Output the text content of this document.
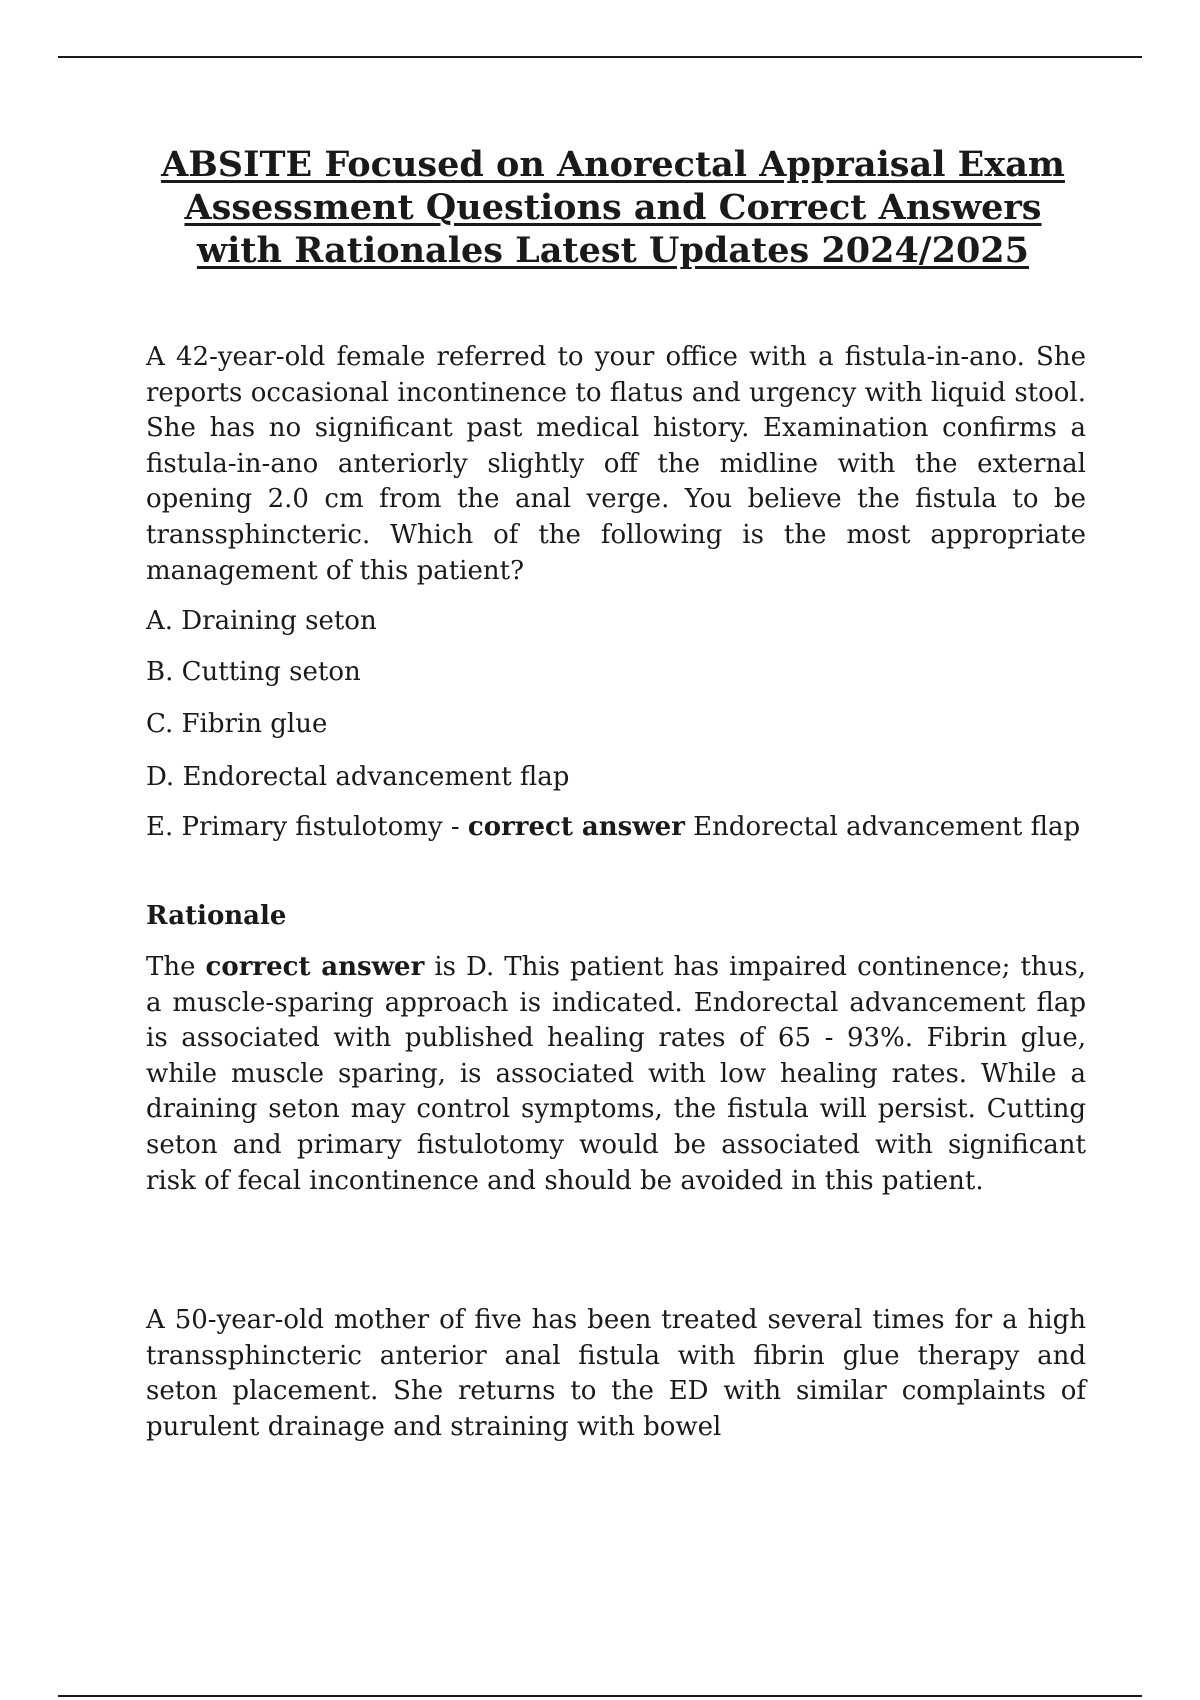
ABSITE Focused on Anorectal Appraisal Exam Assessment Questions and Correct Answers with Rationales Latest Updates 2024/2025

A 42-year-old female referred to your office with a fistula-in-ano. She reports occasional incontinence to flatus and urgency with liquid stool. She has no significant past medical history. Examination confirms a fistula-in-ano anteriorly slightly off the midline with the external opening 2.0 cm from the anal verge. You believe the fistula to be transsphincteric. Which of the following is the most appropriate management of this patient?

A. Draining seton

B. Cutting seton

C. Fibrin glue

D. Endorectal advancement flap

E. Primary fistulotomy - correct answer Endorectal advancement flap

Rationale

The correct answer is D. This patient has impaired continence; thus, a muscle-sparing approach is indicated. Endorectal advancement flap is associated with published healing rates of 65 - 93%. Fibrin glue, while muscle sparing, is associated with low healing rates. While a draining seton may control symptoms, the fistula will persist. Cutting seton and primary fistulotomy would be associated with significant risk of fecal incontinence and should be avoided in this patient.

A 50-year-old mother of five has been treated several times for a high transsphincteric anterior anal fistula with fibrin glue therapy and seton placement. She returns to the ED with similar complaints of purulent drainage and straining with bowel
